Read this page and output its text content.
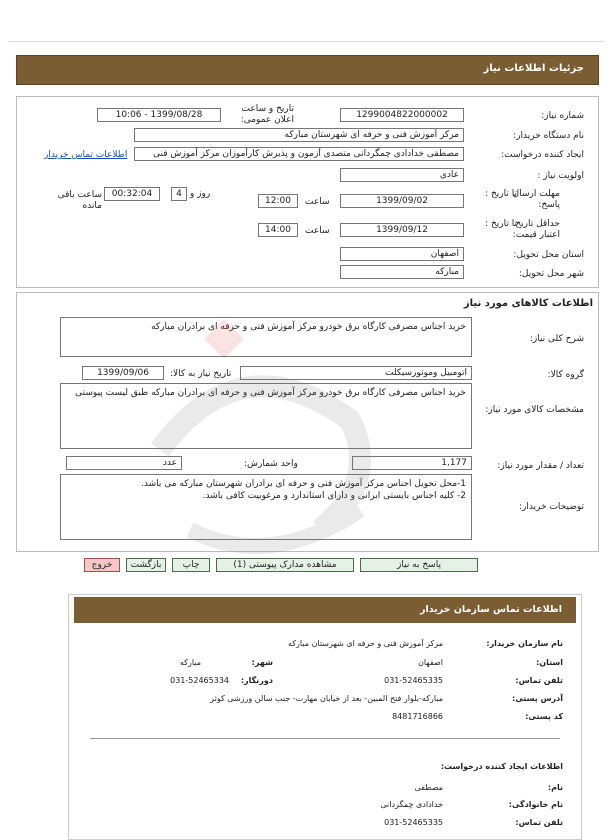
جزئیات اطلاعات نیاز
شماره نیاز:
1299004822000002
تاریخ و ساعت اعلان عمومی:
1399/08/28 - 10:06
نام دستگاه خریدار:
مرکز آموزش فنی و حرفه ای شهرستان مبارکه
ایجاد کننده درخواست:
مصطفی خدادادی چمگردانی متصدی آزمون و پذیرش کارآموزان مرکز آموزش فنی
اطلاعات تماس خریدار
اولویت نیاز :
عادی
مهلت ارسال پاسخ:
تا تاریخ :
1399/09/02
ساعت
12:00
4 روز و
00:32:04
ساعت باقی مانده
حداقل تاریخ اعتبار قیمت:
تا تاریخ :
1399/09/12
ساعت
14:00
استان محل تحویل:
اصفهان
شهر محل تحویل:
مبارکه
اطلاعات کالاهای مورد نیاز
شرح کلی نیاز:
خرید اجناس مصرفی کارگاه برق خودرو مرکز آموزش فنی و حرفه ای برادران مبارکه
گروه کالا:
اتومبیل وموتورسیکلت
تاریخ نیاز به کالا:
1399/09/06
مشخصات کالای مورد نیاز:
خرید اجناس مصرفی کارگاه برق خودرو مرکز آموزش فنی و حرفه ای برادران مبارکه طبق لیست پیوستی
تعداد / مقدار مورد نیاز:
1,177
واحد شمارش:
عدد
توضیحات خریدار:
1-محل تحویل اجناس مرکز آموزش فنی و حرفه ای برادران شهرستان مبارکه می باشد.
2- کلیه اجناس بایستی ایرانی و دارای استاندارد و مرغوبیت کافی باشد.
پاسخ به نیاز
مشاهده مدارک پیوستی (1)
چاپ
بازگشت
خروج
اطلاعات تماس سازمان خریدار
نام سازمان خریدار:
مرکز آموزش فنی و حرفه ای شهرستان مبارکه
استان:
اصفهان
شهر:
مبارکه
تلفن تماس:
031-52465335
دورنگار:
031-52465334
آدرس پستی:
مبارکه-بلوار فتح المبین- بعد از خیابان مهارت- جنب سالن ورزشی کوثر
کد پستی:
8481716866
اطلاعات ایجاد کننده درخواست:
نام:
مصطفی
نام خانوادگی:
خدادادی چمگردانی
تلفن تماس:
031-52465335
